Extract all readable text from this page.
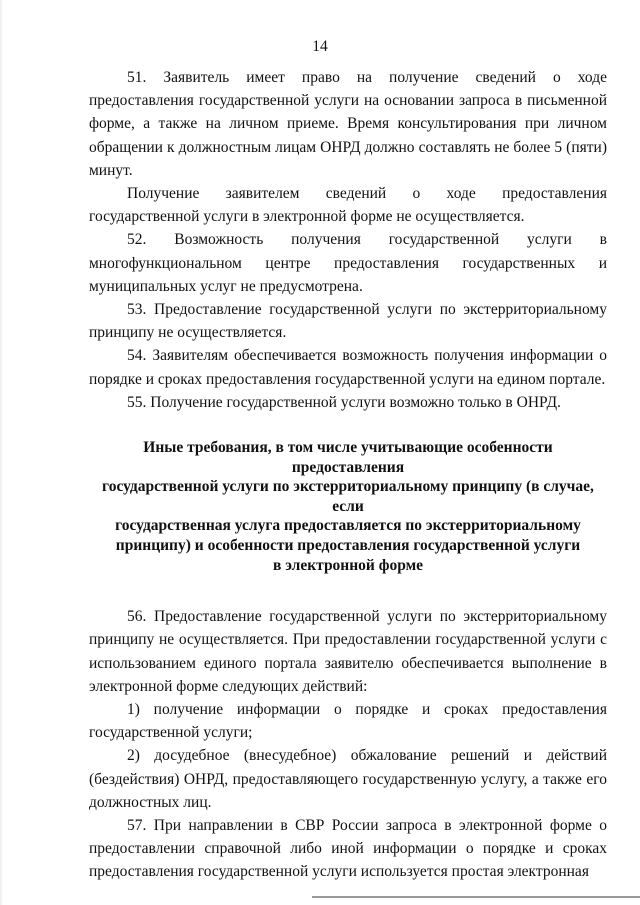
14

51. Заявитель имеет право на получение сведений о ходе предоставления государственной услуги на основании запроса в письменной форме, а также на личном приеме. Время консультирования при личном обращении к должностным лицам ОНРД должно составлять не более 5 (пяти) минут.

Получение заявителем сведений о ходе предоставления государственной услуги в электронной форме не осуществляется.

52. Возможность получения государственной услуги в многофункциональном центре предоставления государственных и муниципальных услуг не предусмотрена.

53. Предоставление государственной услуги по экстерриториальному принципу не осуществляется.

54. Заявителям обеспечивается возможность получения информации о порядке и сроках предоставления государственной услуги на едином портале.

55. Получение государственной услуги возможно только в ОНРД.

Иные требования, в том числе учитывающие особенности предоставления
государственной услуги по экстерриториальному принципу (в случае, если
государственная услуга предоставляется по экстерриториальному
принципу) и особенности предоставления государственной услуги
в электронной форме

56. Предоставление государственной услуги по экстерриториальному принципу не осуществляется. При предоставлении государственной услуги с использованием единого портала заявителю обеспечивается выполнение в электронной форме следующих действий:

1) получение информации о порядке и сроках предоставления государственной услуги;

2) досудебное (внесудебное) обжалование решений и действий (бездействия) ОНРД, предоставляющего государственную услугу, а также его должностных лиц.

57. При направлении в СВР России запроса в электронной форме о предоставлении справочной либо иной информации о порядке и сроках предоставления государственной услуги используется простая электронная
